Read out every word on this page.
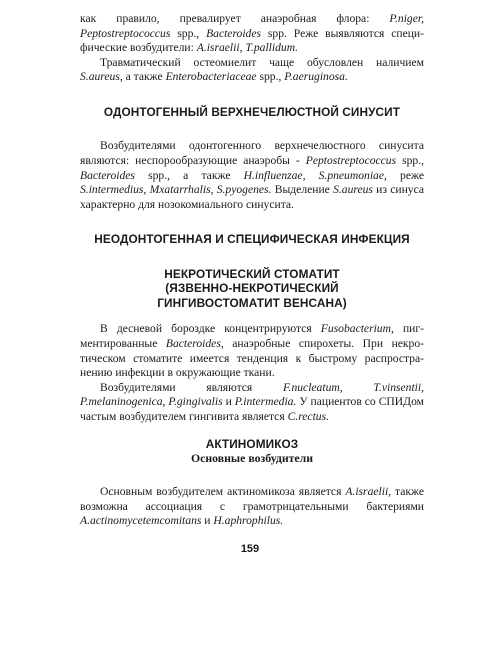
как правило, превалирует анаэробная флора: P.niger, Peptostreptococcus spp., Bacteroides spp. Реже выявляются специ-фические возбудители: A.israelii, T.pallidum.

Травматический остеомиелит чаще обусловлен наличием S.aureus, а также Enterobacteriaceae spp., P.aeruginosa.

ОДОНТОГЕННЫЙ ВЕРХНЕЧЕЛЮСТНОЙ СИНУСИТ

Возбудителями одонтогенного верхнечелюстного синусита являются: неспорообразующие анаэробы - Peptostreptococcus spp., Bacteroides spp., а также H.influenzae, S.pneumoniae, реже S.intermedius, Mxatarrhalis, S.pyogenes. Выделение S.aureus из синуса характерно для нозокомиального синусита.

НЕОДОНТОГЕННАЯ И СПЕЦИФИЧЕСКАЯ ИНФЕКЦИЯ
НЕКРОТИЧЕСКИЙ СТОМАТИТ
(ЯЗВЕННО-НЕКРОТИЧЕСКИЙ
ГИНГИВОСТОМАТИТ ВЕНСАНА)

В десневой бороздке концентрируются Fusobacterium, пиг-ментированные Bacteroides, анаэробные спирохеты. При некро-тическом стоматите имеется тенденция к быстрому распростра-нению инфекции в окружающие ткани.

Возбудителями являются F.nucleatum, T.vinsentii, P.melaninogenica, P.gingivalis и P.intermedia. У пациентов со СПИДом частым возбудителем гингивита является C.rectus.

АКТИНОМИКОЗ
Основные возбудители

Основным возбудителем актиномикоза является A.israelii, также возможна ассоциация с грамотрицательными бактериями A.actinomycetemcomitans и H.aphrophilus.

159
